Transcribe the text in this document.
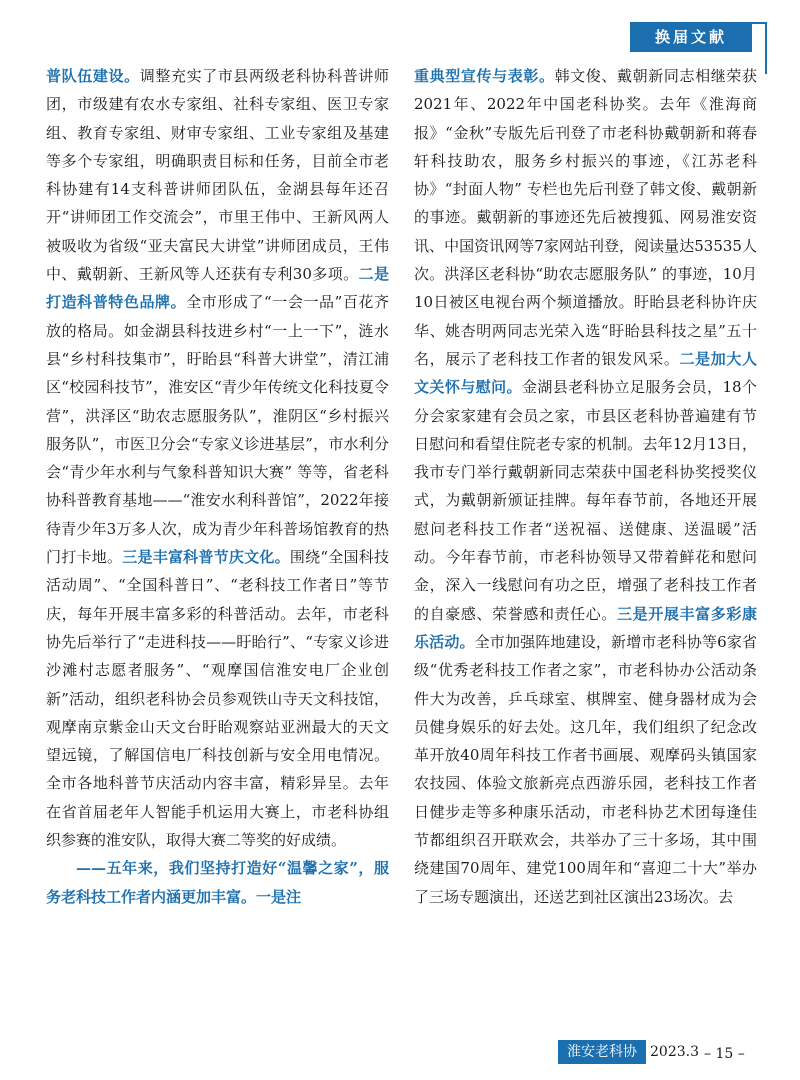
换届文献

普队伍建设。调整充实了市县两级老科协科普讲师团，市级建有农水专家组、社科专家组、医卫专家组、教育专家组、财审专家组、工业专家组及基建等多个专家组，明确职责目标和任务，目前全市老科协建有14支科普讲师团队伍，金湖县每年还召开“讲师团工作交流会”，市里王伟中、王新风两人被吸收为省级“亚夫富民大讲堂”讲师团成员，王伟中、戴朝新、王新风等人还获有专利30多项。二是打造科普特色品牌。全市形成了“一会一品”百花齐放的格局。如金湖县科技进乡村“一上一下”，涟水县“乡村科技集市”，盱眙县“科普大讲堂”，清江浦区“校园科技节”，淮安区“青少年传统文化科技夏令营”，洪泽区“助农志愿服务队”，淮阴区“乡村振兴服务队”，市医卫分会“专家义诊进基层”，市水利分会“青少年水利与气象科普知识大赛” 等等，省老科协科普教育基地——“淮安水利科普馆”，2022年接待青少年3万多人次，成为青少年科普场馆教育的热门打卡地。三是丰富科普节庆文化。围绕“全国科技活动周”、“全国科普日”、“老科技工作者日”等节庆，每年开展丰富多彩的科普活动。去年，市老科协先后举行了“走进科技——盱眙行”、“专家义诊进沙滩村志愿者服务”、“观摩国信淮安电厂企业创新”活动，组织老科协会员参观铁山寺天文科技馆，观摩南京紫金山天文台盱眙观察站亚洲最大的天文望远镜，了解国信电厂科技创新与安全用电情况。全市各地科普节庆活动内容丰富，精彩异呈。去年在省首届老年人智能手机运用大赛上，市老科协组织参赛的淮安队，取得大赛二等奖的好成绩。

——五年来，我们坚持打造好“温馨之家”，服务老科技工作者内涵更加丰富。一是注

重典型宣传与表彰。韩文俊、戴朝新同志相继荣获2021年、2022年中国老科协奖。去年《淮海商报》“金秋”专版先后刊登了市老科协戴朝新和蒋春轩科技助农，服务乡村振兴的事迹，《江苏老科协》“封面人物” 专栏也先后刊登了韩文俊、戴朝新的事迹。戴朝新的事迹还先后被搜狐、网易淮安资讯、中国资讯网等7家网站刊登，阅读量达53535人次。洪泽区老科协“助农志愿服务队” 的事迹，10月10日被区电视台两个频道播放。盱眙县老科协许庆华、姚杏明两同志光荣入选“盱眙县科技之星”五十名，展示了老科技工作者的银发风采。二是加大人文关怀与慰问。金湖县老科协立足服务会员，18个分会家家建有会员之家，市县区老科协普遍建有节日慰问和看望住院老专家的机制。去年12月13日，我市专门举行戴朝新同志荣获中国老科协奖授奖仪式，为戴朝新颁证挂牌。每年春节前，各地还开展慰问老科技工作者“送祝福、送健康、送温暖”活动。今年春节前，市老科协领导又带着鲜花和慰问金，深入一线慰问有功之臣，增强了老科技工作者的自豪感、荣誉感和责任心。三是开展丰富多彩康乐活动。全市加强阵地建设，新增市老科协等6家省级“优秀老科技工作者之家”，市老科协办公活动条件大为改善，乒乓球室、棋牌室、健身器材成为会员健身娱乐的好去处。这几年，我们组织了纪念改革开放40周年科技工作者书画展、观摩码头镇国家农技园、体验文旅新亮点西游乐园，老科技工作者日健步走等多种康乐活动，市老科协艺术团每逢佳节都组织召开联欢会，共举办了三十多场，其中围绕建国70周年、建党100周年和“喜迎二十大”举办了三场专题演出，还送艺到社区演出23场次。去

淮安老科协 2023.3 – 15 –
